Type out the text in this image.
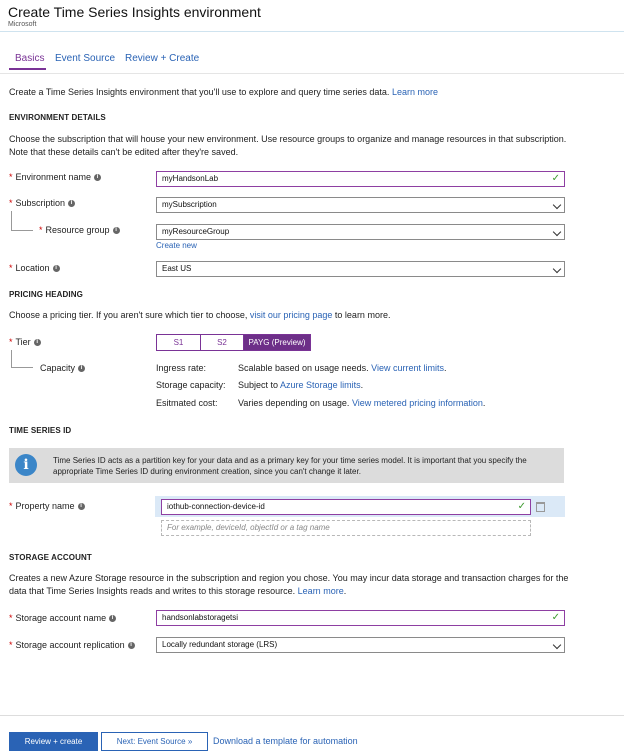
Create Time Series Insights environment
Microsoft
Basics Event Source Review + Create
Create a Time Series Insights environment that you'll use to explore and query time series data. Learn more
ENVIRONMENT DETAILS
Choose the subscription that will house your new environment. Use resource groups to organize and manage resources in that subscription. Note that these details can't be edited after they're saved.
* Environment name i	myHandsonLab	✓
* Subscription i	mySubscription
* Resource group i	myResourceGroup
Create new
* Location i	East US
PRICING HEADING
Choose a pricing tier. If you aren't sure which tier to choose, visit our pricing page to learn more.
* Tier i	S1	S2	PAYG (Preview)
Capacity i	Ingress rate:	Scalable based on usage needs. View current limits.
Storage capacity: Subject to Azure Storage limits.
Esitmated cost: Varies depending on usage. View metered pricing information.
TIME SERIES ID
i	Time Series ID acts as a partition key for your data and as a primary key for your time series model. It is important that you specify the appropriate Time Series ID during environment creation, since you can't change it later.
* Property name i	iothub-connection-device-id	✓
For example, deviceId, objectId or a tag name
STORAGE ACCOUNT
Creates a new Azure Storage resource in the subscription and region you chose. You may incur data storage and transaction charges for the data that Time Series Insights reads and writes to this storage resource. Learn more.
* Storage account name i	handsonlabstoragetsi	✓
* Storage account replication i	Locally redundant storage (LRS)
Review + create	Next: Event Source »	Download a template for automation
